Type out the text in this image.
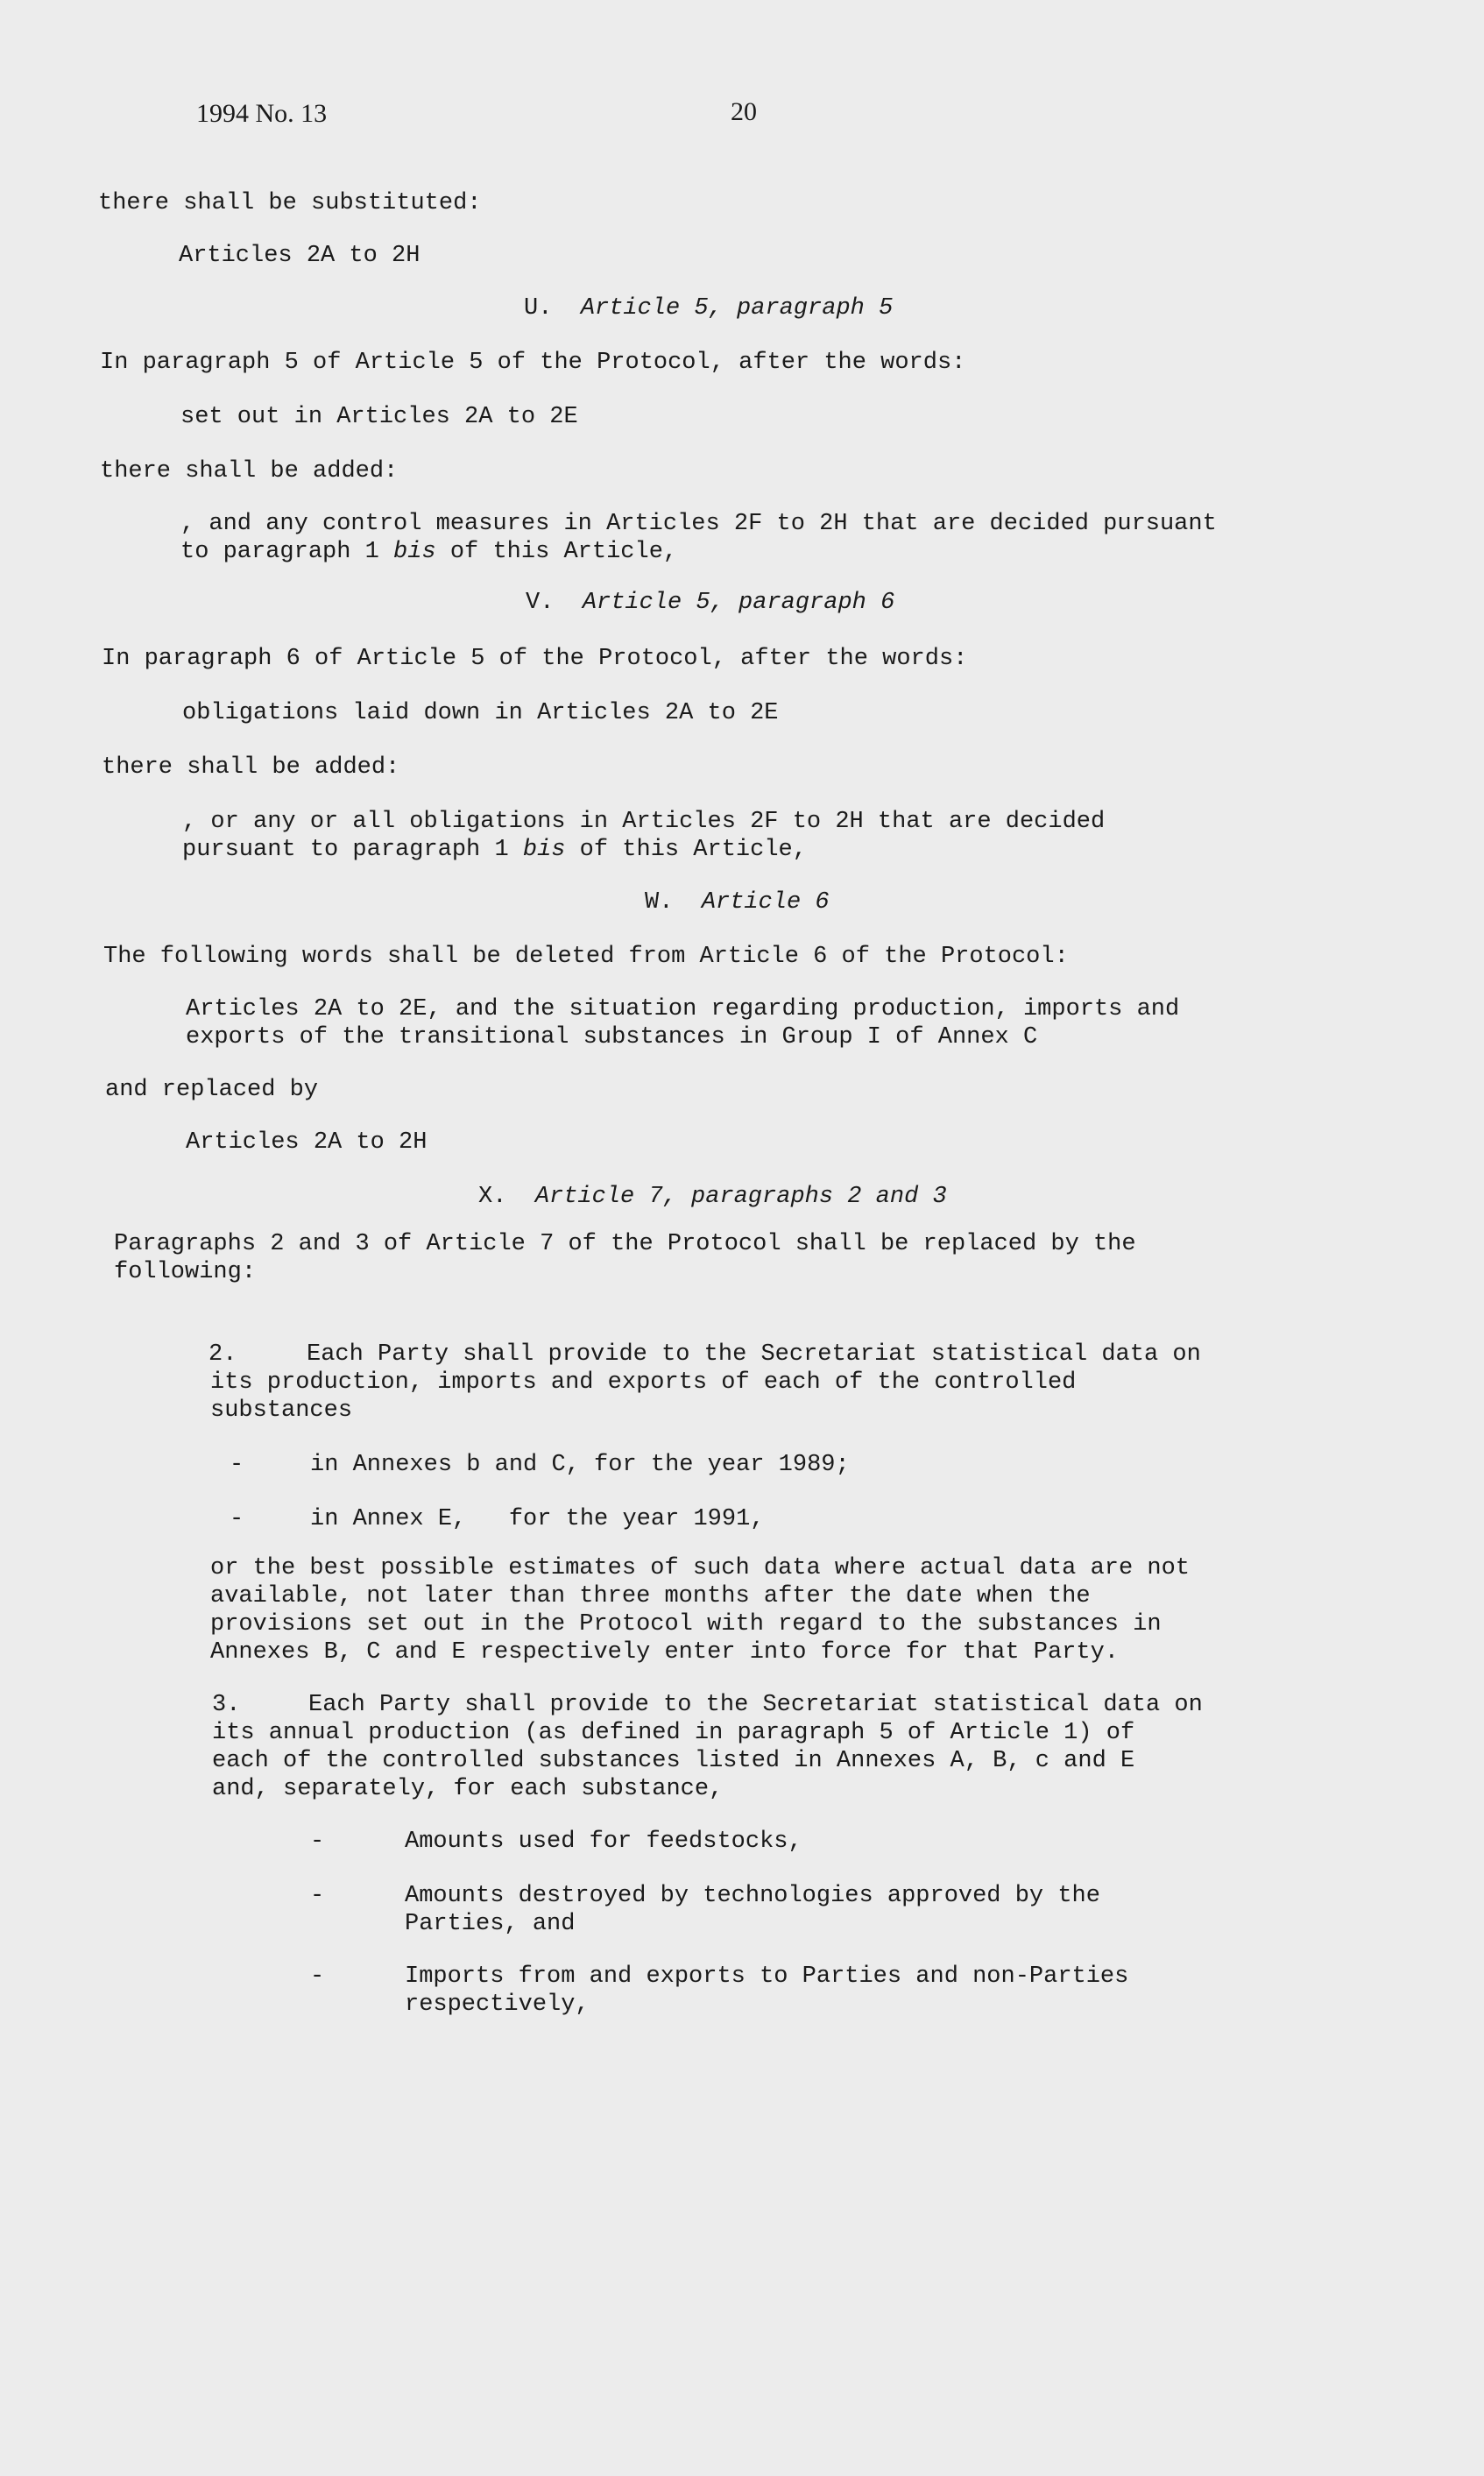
1994 No. 13	20
there shall be substituted:
Articles 2A to 2H
U. Article 5, paragraph 5
In paragraph 5 of Article 5 of the Protocol, after the words:
set out in Articles 2A to 2E
there shall be added:
, and any control measures in Articles 2F to 2H that are decided pursuant
to paragraph 1 bis of this Article,
V. Article 5, paragraph 6
In paragraph 6 of Article 5 of the Protocol, after the words:
obligations laid down in Articles 2A to 2E
there shall be added:
, or any or all obligations in Articles 2F to 2H that are decided
pursuant to paragraph 1 bis of this Article,
W. Article 6
The following words shall be deleted from Article 6 of the Protocol:
Articles 2A to 2E, and the situation regarding production, imports and
exports of the transitional substances in Group I of Annex C
and replaced by
Articles 2A to 2H
X. Article 7, paragraphs 2 and 3
Paragraphs 2 and 3 of Article 7 of the Protocol shall be replaced by the
following:
2.	Each Party shall provide to the Secretariat statistical data on
its production, imports and exports of each of the controlled
substances
-	in Annexes b and C, for the year 1989;
-	in Annex E,   for the year 1991,
or the best possible estimates of such data where actual data are not
available, not later than three months after the date when the
provisions set out in the Protocol with regard to the substances in
Annexes B, C and E respectively enter into force for that Party.
3.	Each Party shall provide to the Secretariat statistical data on
its annual production (as defined in paragraph 5 of Article 1) of
each of the controlled substances listed in Annexes A, B, c and E
and, separately, for each substance,
-	Amounts used for feedstocks,
-	Amounts destroyed by technologies approved by the
Parties, and
-	Imports from and exports to Parties and non-Parties
respectively,
